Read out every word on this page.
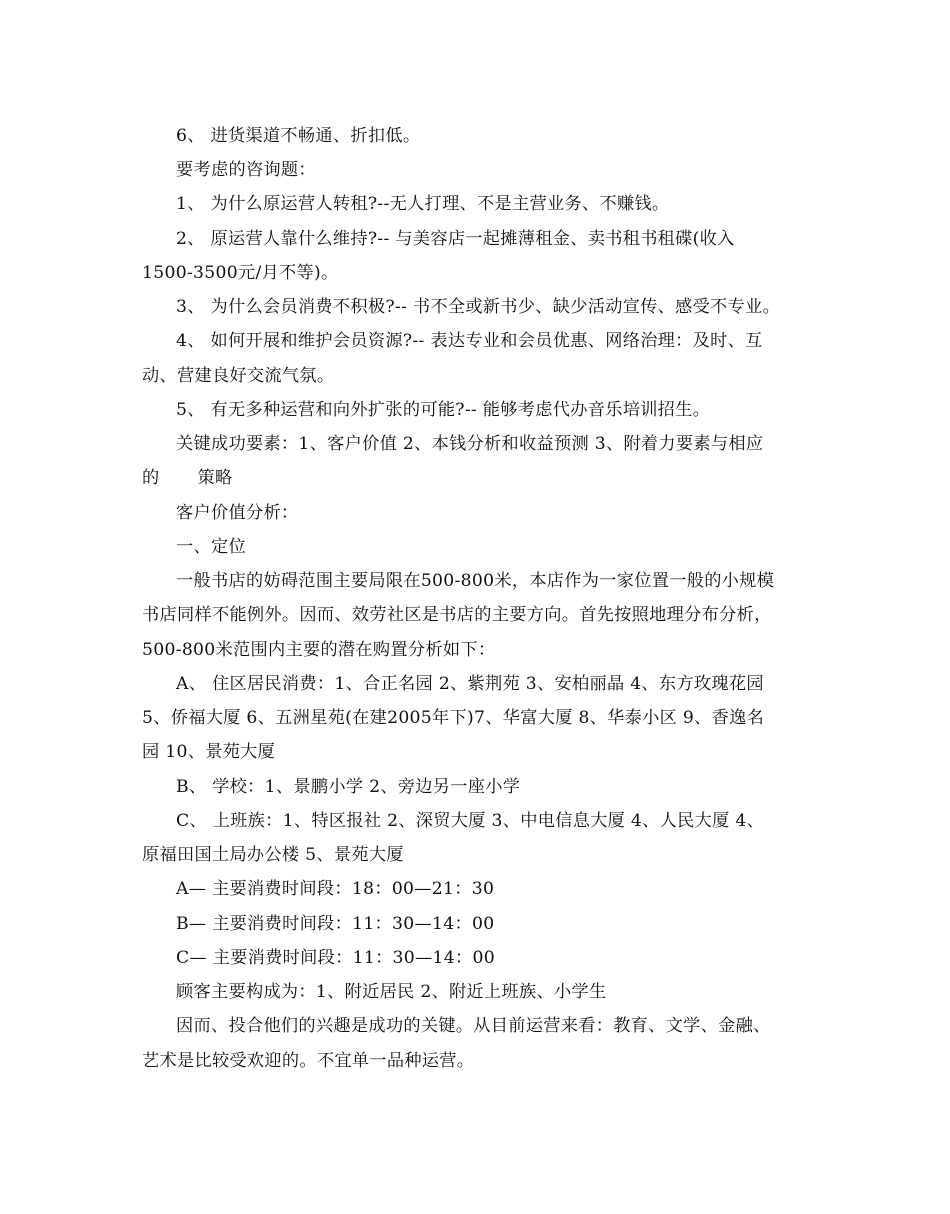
6、 进货渠道不畅通、折扣低。

要考虑的咨询题：

1、 为什么原运营人转租?--无人打理、不是主营业务、不赚钱。

2、 原运营人靠什么维持?-- 与美容店一起摊薄租金、卖书租书租碟(收入

1500-3500元/月不等)。

3、 为什么会员消费不积极?-- 书不全或新书少、缺少活动宣传、感受不专业。

4、 如何开展和维护会员资源?-- 表达专业和会员优惠、网络治理：及时、互

动、营建良好交流气氛。

5、 有无多种运营和向外扩张的可能?-- 能够考虑代办音乐培训招生。

关键成功要素：1、客户价值 2、本钱分析和收益预测 3、附着力要素与相应

的 策略

客户价值分析：

一、定位

一般书店的妨碍范围主要局限在500-800米，本店作为一家位置一般的小规模

书店同样不能例外。因而、效劳社区是书店的主要方向。首先按照地理分布分析，

500-800米范围内主要的潜在购置分析如下：

A、 住区居民消费：1、合正名园 2、紫荆苑 3、安柏丽晶 4、东方玫瑰花园

5、侨福大厦 6、五洲星苑(在建2005年下)7、华富大厦 8、华泰小区 9、香逸名

园 10、景苑大厦

B、 学校：1、景鹏小学 2、旁边另一座小学

C、 上班族：1、特区报社 2、深贸大厦 3、中电信息大厦 4、人民大厦 4、

原福田国土局办公楼 5、景苑大厦

A— 主要消费时间段：18：00—21：30

B— 主要消费时间段：11：30—14：00

C— 主要消费时间段：11：30—14：00

顾客主要构成为：1、附近居民 2、附近上班族、小学生

因而、投合他们的兴趣是成功的关键。从目前运营来看：教育、文学、金融、

艺术是比较受欢迎的。不宜单一品种运营。
